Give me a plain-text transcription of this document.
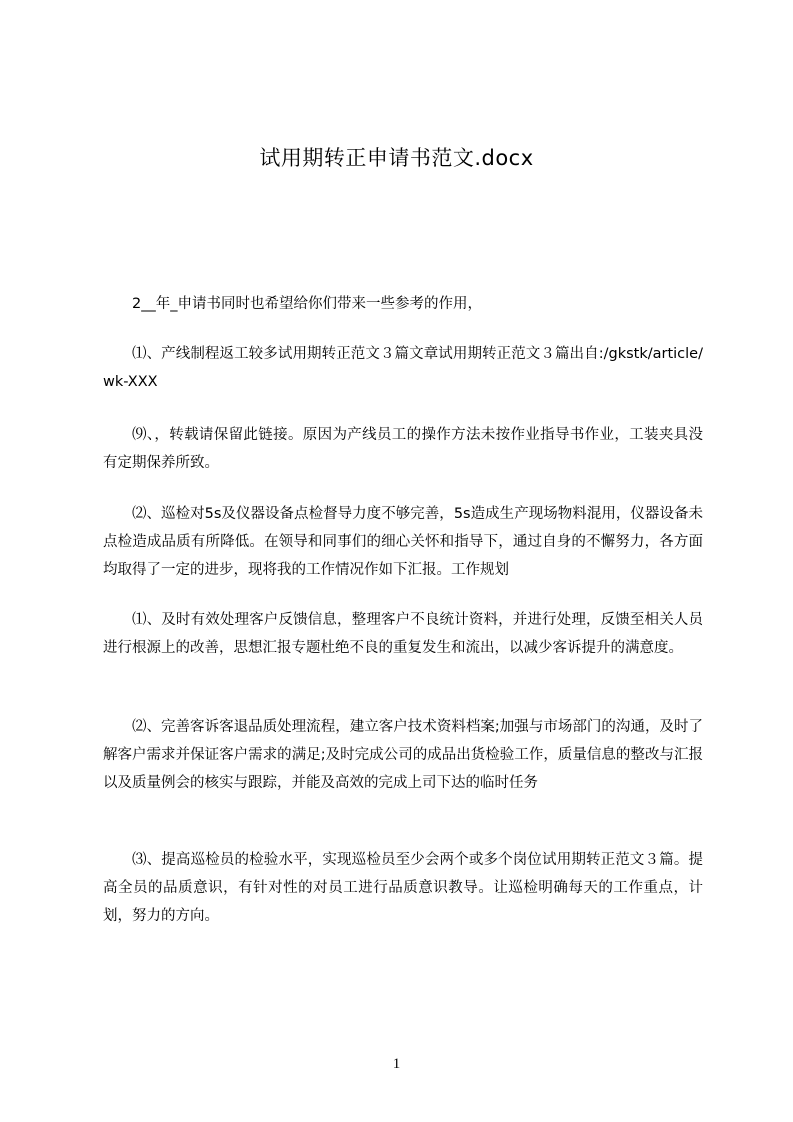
试用期转正申请书范文.docx

2__年_申请书同时也希望给你们带来一些参考的作用，

⑴、产线制程返工较多试用期转正范文３篇文章试用期转正范文３篇出自:/gkstk/article/wk-XXX

⑼、，转载请保留此链接。原因为产线员工的操作方法未按作业指导书作业，工装夹具没有定期保养所致。

⑵、巡检对5s及仪器设备点检督导力度不够完善，5s造成生产现场物料混用，仪器设备未点检造成品质有所降低。在领导和同事们的细心关怀和指导下，通过自身的不懈努力，各方面均取得了一定的进步，现将我的工作情况作如下汇报。工作规划

⑴、及时有效处理客户反馈信息，整理客户不良统计资料，并进行处理，反馈至相关人员进行根源上的改善，思想汇报专题杜绝不良的重复发生和流出，以减少客诉提升的满意度。

⑵、完善客诉客退品质处理流程，建立客户技术资料档案;加强与市场部门的沟通，及时了解客户需求并保证客户需求的满足;及时完成公司的成品出货检验工作，质量信息的整改与汇报以及质量例会的核实与跟踪，并能及高效的完成上司下达的临时任务

⑶、提高巡检员的检验水平，实现巡检员至少会两个或多个岗位试用期转正范文３篇。提高全员的品质意识，有针对性的对员工进行品质意识教导。让巡检明确每天的工作重点，计划，努力的方向。

1
